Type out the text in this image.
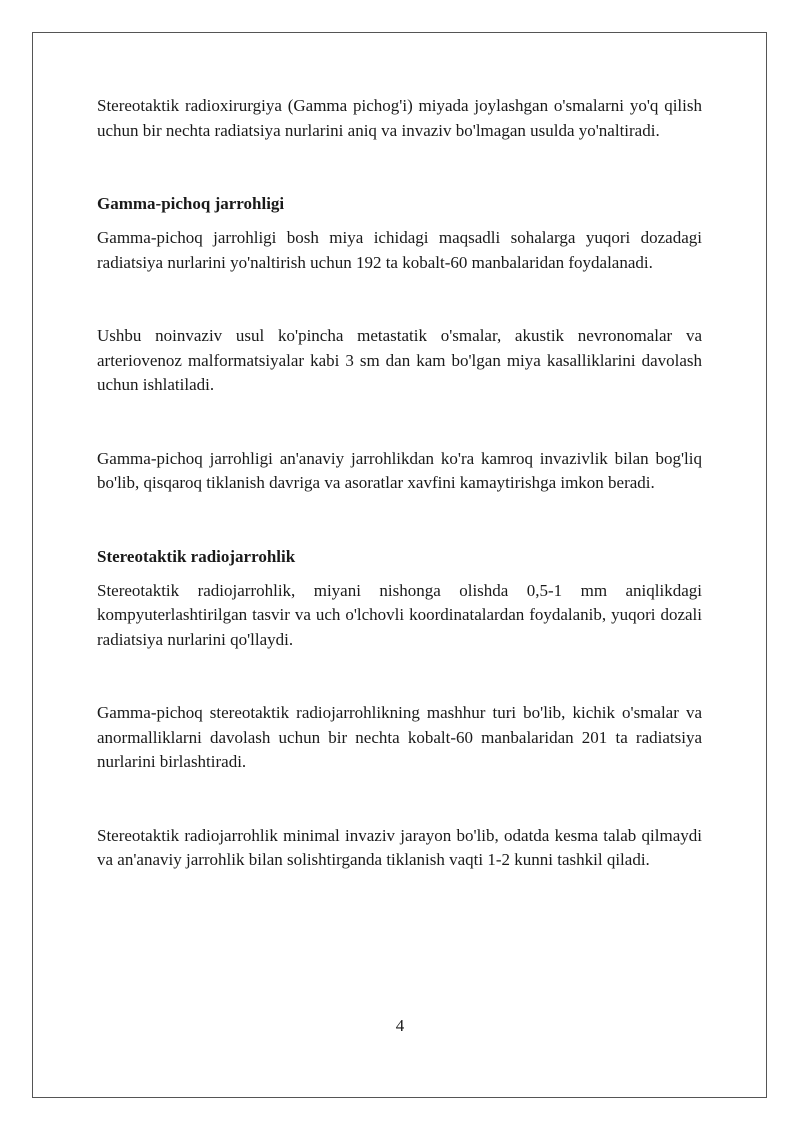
Stereotaktik radioxirurgiya (Gamma pichog'i) miyada joylashgan o'smalarni yo'q qilish uchun bir nechta radiatsiya nurlarini aniq va invaziv bo'lmagan usulda yo'naltiradi.

Gamma-pichoq jarrohligi

Gamma-pichoq jarrohligi bosh miya ichidagi maqsadli sohalarga yuqori dozadagi radiatsiya nurlarini yo'naltirish uchun 192 ta kobalt-60 manbalaridan foydalanadi.

Ushbu noinvaziv usul ko'pincha metastatik o'smalar, akustik nevronomalar va arteriovenoz malformatsiyalar kabi 3 sm dan kam bo'lgan miya kasalliklarini davolash uchun ishlatiladi.

Gamma-pichoq jarrohligi an'anaviy jarrohlikdan ko'ra kamroq invazivlik bilan bog'liq bo'lib, qisqaroq tiklanish davriga va asoratlar xavfini kamaytirishga imkon beradi.

Stereotaktik radiojarrohlik

Stereotaktik radiojarrohlik, miyani nishonga olishda 0,5-1 mm aniqlikdagi kompyuterlashtirilgan tasvir va uch o'lchovli koordinatalardan foydalanib, yuqori dozali radiatsiya nurlarini qo'llaydi.

Gamma-pichoq stereotaktik radiojarrohlikning mashhur turi bo'lib, kichik o'smalar va anormalliklarni davolash uchun bir nechta kobalt-60 manbalaridan 201 ta radiatsiya nurlarini birlashtiradi.

Stereotaktik radiojarrohlik minimal invaziv jarayon bo'lib, odatda kesma talab qilmaydi va an'anaviy jarrohlik bilan solishtirganda tiklanish vaqti 1-2 kunni tashkil qiladi.

4
